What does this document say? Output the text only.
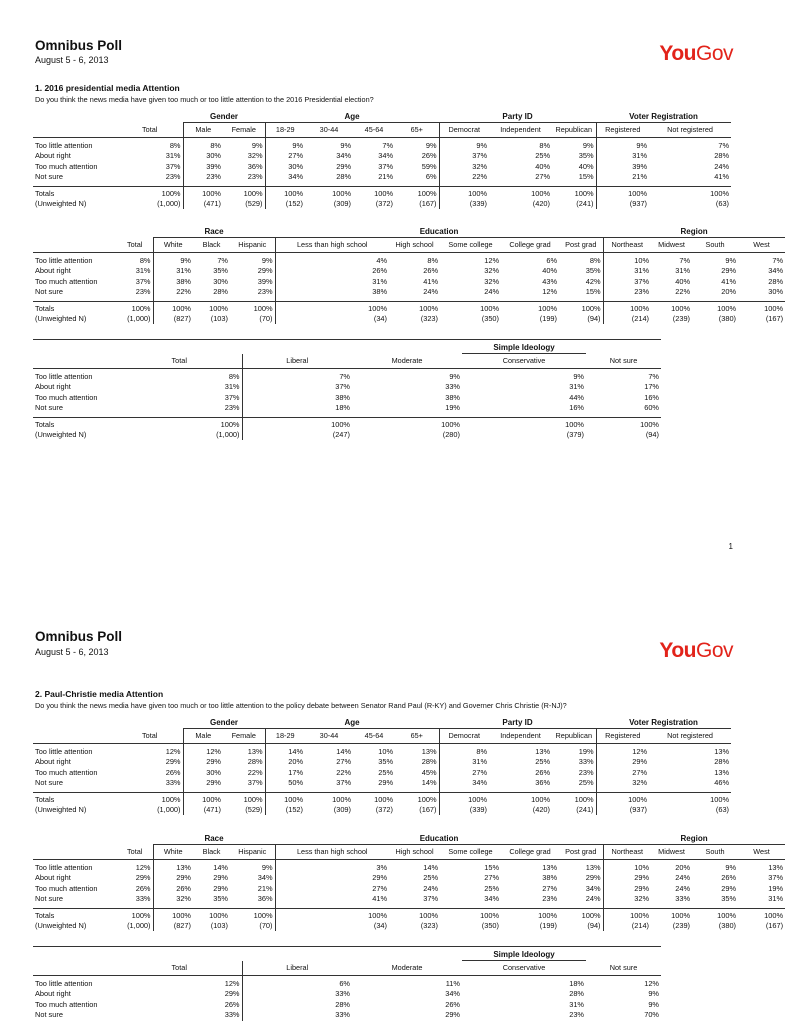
Omnibus Poll
August 5 - 6, 2013	YouGov
1. 2016 presidential media Attention
Do you think the news media have given too much or too little attention to the 2016 Presidential election?
		Gender		Age				Party ID			Voter Registration	
	Total	Male	Female	18-29	30-44	45-64	65+	Democrat	Independent	Republican	Registered	Not registered
Too little attention	8%	8%	9%	9%	9%	7%	9%	9%	8%	9%	9%	7%
About right	31%	30%	32%	27%	34%	34%	26%	37%	25%	35%	31%	28%
Too much attention	37%	39%	36%	30%	29%	37%	59%	32%	40%	40%	39%	24%
Not sure	23%	23%	23%	34%	28%	21%	6%	22%	27%	15%	21%	41%
Totals	100%	100%	100%	100%	100%	100%	100%	100%	100%	100%	100%	100%
(Unweighted N)	(1,000)	(471)	(529)	(152)	(309)	(372)	(167)	(339)	(420)	(241)	(937)	(63)
		Race			Education					Region			
	Total	White	Black	Hispanic	Less than high school	High school	Some college	College grad	Post grad	Northeast	Midwest	South	West
Too little attention	8%	9%	7%	9%	4%	8%	12%	6%	8%	10%	7%	9%	7%
About right	31%	31%	35%	29%	26%	26%	32%	40%	35%	31%	31%	29%	34%
Too much attention	37%	38%	30%	39%	31%	41%	32%	43%	42%	37%	40%	41%	28%
Not sure	23%	22%	28%	23%	38%	24%	24%	12%	15%	23%	22%	20%	30%
Totals	100%	100%	100%	100%	100%	100%	100%	100%	100%	100%	100%	100%	100%
(Unweighted N)	(1,000)	(827)	(103)	(70)	(34)	(323)	(350)	(199)	(94)	(214)	(239)	(380)	(167)
				Simple Ideology	
	Total	Liberal	Moderate	Conservative	Not sure
Too little attention	8%	7%	9%	9%	7%
About right	31%	37%	33%	31%	17%
Too much attention	37%	38%	38%	44%	16%
Not sure	23%	18%	19%	16%	60%
Totals	100%	100%	100%	100%	100%
(Unweighted N)	(1,000)	(247)	(280)	(379)	(94)
1
Omnibus Poll
August 5 - 6, 2013	YouGov
2. Paul-Christie media Attention
Do you think the news media have given too much or too little attention to the policy debate between Senator Rand Paul (R-KY) and Governer Chris Christie (R-NJ)?
		Gender		Age				Party ID			Voter Registration	
	Total	Male	Female	18-29	30-44	45-64	65+	Democrat	Independent	Republican	Registered	Not registered
Too little attention	12%	12%	13%	14%	14%	10%	13%	8%	13%	19%	12%	13%
About right	29%	29%	28%	20%	27%	35%	28%	31%	25%	33%	29%	28%
Too much attention	26%	30%	22%	17%	22%	25%	45%	27%	26%	23%	27%	13%
Not sure	33%	29%	37%	50%	37%	29%	14%	34%	36%	25%	32%	46%
Totals	100%	100%	100%	100%	100%	100%	100%	100%	100%	100%	100%	100%
(Unweighted N)	(1,000)	(471)	(529)	(152)	(309)	(372)	(167)	(339)	(420)	(241)	(937)	(63)
		Race			Education					Region			
	Total	White	Black	Hispanic	Less than high school	High school	Some college	College grad	Post grad	Northeast	Midwest	South	West
Too little attention	12%	13%	14%	9%	3%	14%	15%	13%	13%	10%	20%	9%	13%
About right	29%	29%	29%	34%	29%	25%	27%	38%	29%	29%	24%	26%	37%
Too much attention	26%	26%	29%	21%	27%	24%	25%	27%	34%	29%	24%	29%	19%
Not sure	33%	32%	35%	36%	41%	37%	34%	23%	24%	32%	33%	35%	31%
Totals	100%	100%	100%	100%	100%	100%	100%	100%	100%	100%	100%	100%	100%
(Unweighted N)	(1,000)	(827)	(103)	(70)	(34)	(323)	(350)	(199)	(94)	(214)	(239)	(380)	(167)
				Simple Ideology	
	Total	Liberal	Moderate	Conservative	Not sure
Too little attention	12%	6%	11%	18%	12%
About right	29%	33%	34%	28%	9%
Too much attention	26%	28%	26%	31%	9%
Not sure	33%	33%	29%	23%	70%
